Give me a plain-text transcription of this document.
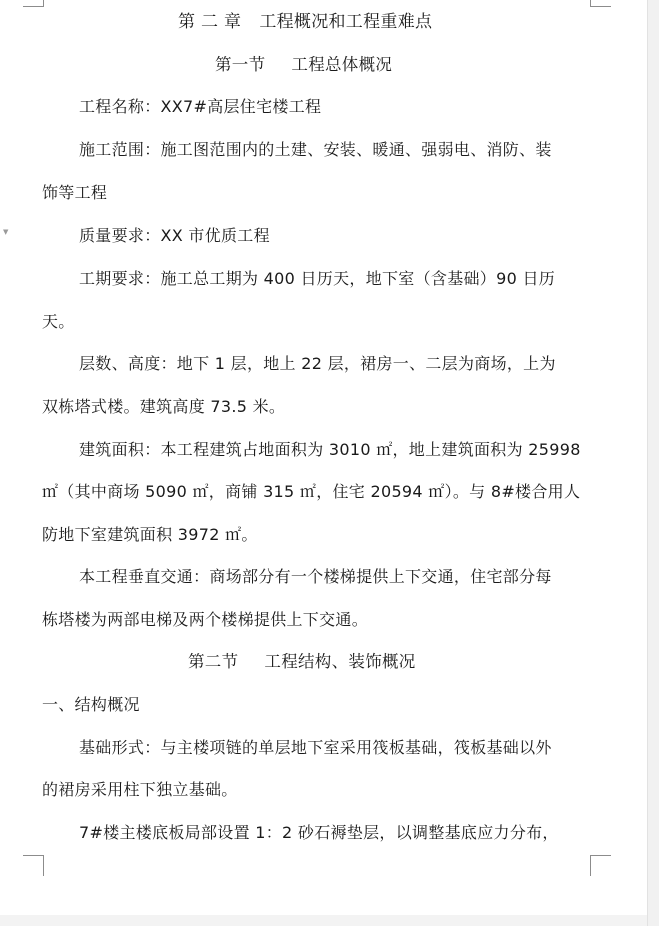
第 二 章 工程概况和工程重难点
第一节 工程总体概况
工程名称：XX7#高层住宅楼工程
施工范围：施工图范围内的土建、安装、暖通、强弱电、消防、装
饰等工程
质量要求：XX 市优质工程
工期要求：施工总工期为 400 日历天，地下室（含基础）90 日历
天。
层数、高度：地下 1 层，地上 22 层，裙房一、二层为商场，上为
双栋塔式楼。建筑高度 73.5 米。
建筑面积：本工程建筑占地面积为 3010 ㎡，地上建筑面积为 25998
㎡（其中商场 5090 ㎡，商铺 315 ㎡，住宅 20594 ㎡）。与 8#楼合用人
防地下室建筑面积 3972 ㎡。
本工程垂直交通：商场部分有一个楼梯提供上下交通，住宅部分每
栋塔楼为两部电梯及两个楼梯提供上下交通。
第二节 工程结构、装饰概况
一、结构概况
基础形式：与主楼项链的单层地下室采用筏板基础，筏板基础以外
的裙房采用柱下独立基础。
7#楼主楼底板局部设置 1：2 砂石褥垫层，以调整基底应力分布，
▼
